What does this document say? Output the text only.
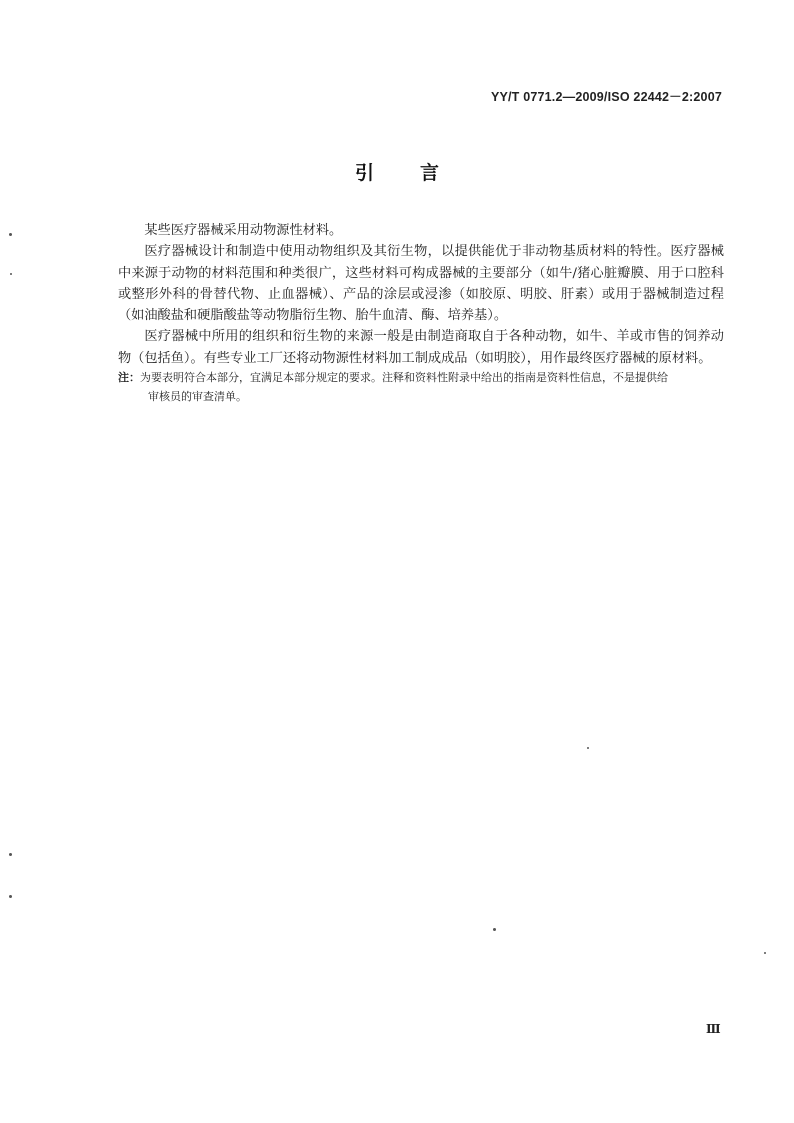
YY/T 0771.2—2009/ISO 22442－2:2007
引言

某些医疗器械采用动物源性材料。

医疗器械设计和制造中使用动物组织及其衍生物，以提供能优于非动物基质材料的特性。医疗器械中来源于动物的材料范围和种类很广，这些材料可构成器械的主要部分（如牛/猪心脏瓣膜、用于口腔科或整形外科的骨替代物、止血器械）、产品的涂层或浸渗（如胶原、明胶、肝素）或用于器械制造过程（如油酸盐和硬脂酸盐等动物脂衍生物、胎牛血清、酶、培养基）。

医疗器械中所用的组织和衍生物的来源一般是由制造商取自于各种动物，如牛、羊或市售的饲养动物（包括鱼）。有些专业工厂还将动物源性材料加工制成成品（如明胶），用作最终医疗器械的原材料。

注：为要表明符合本部分，宜满足本部分规定的要求。注释和资料性附录中给出的指南是资料性信息，不是提供给
审核员的审查清单。
Ⅲ
